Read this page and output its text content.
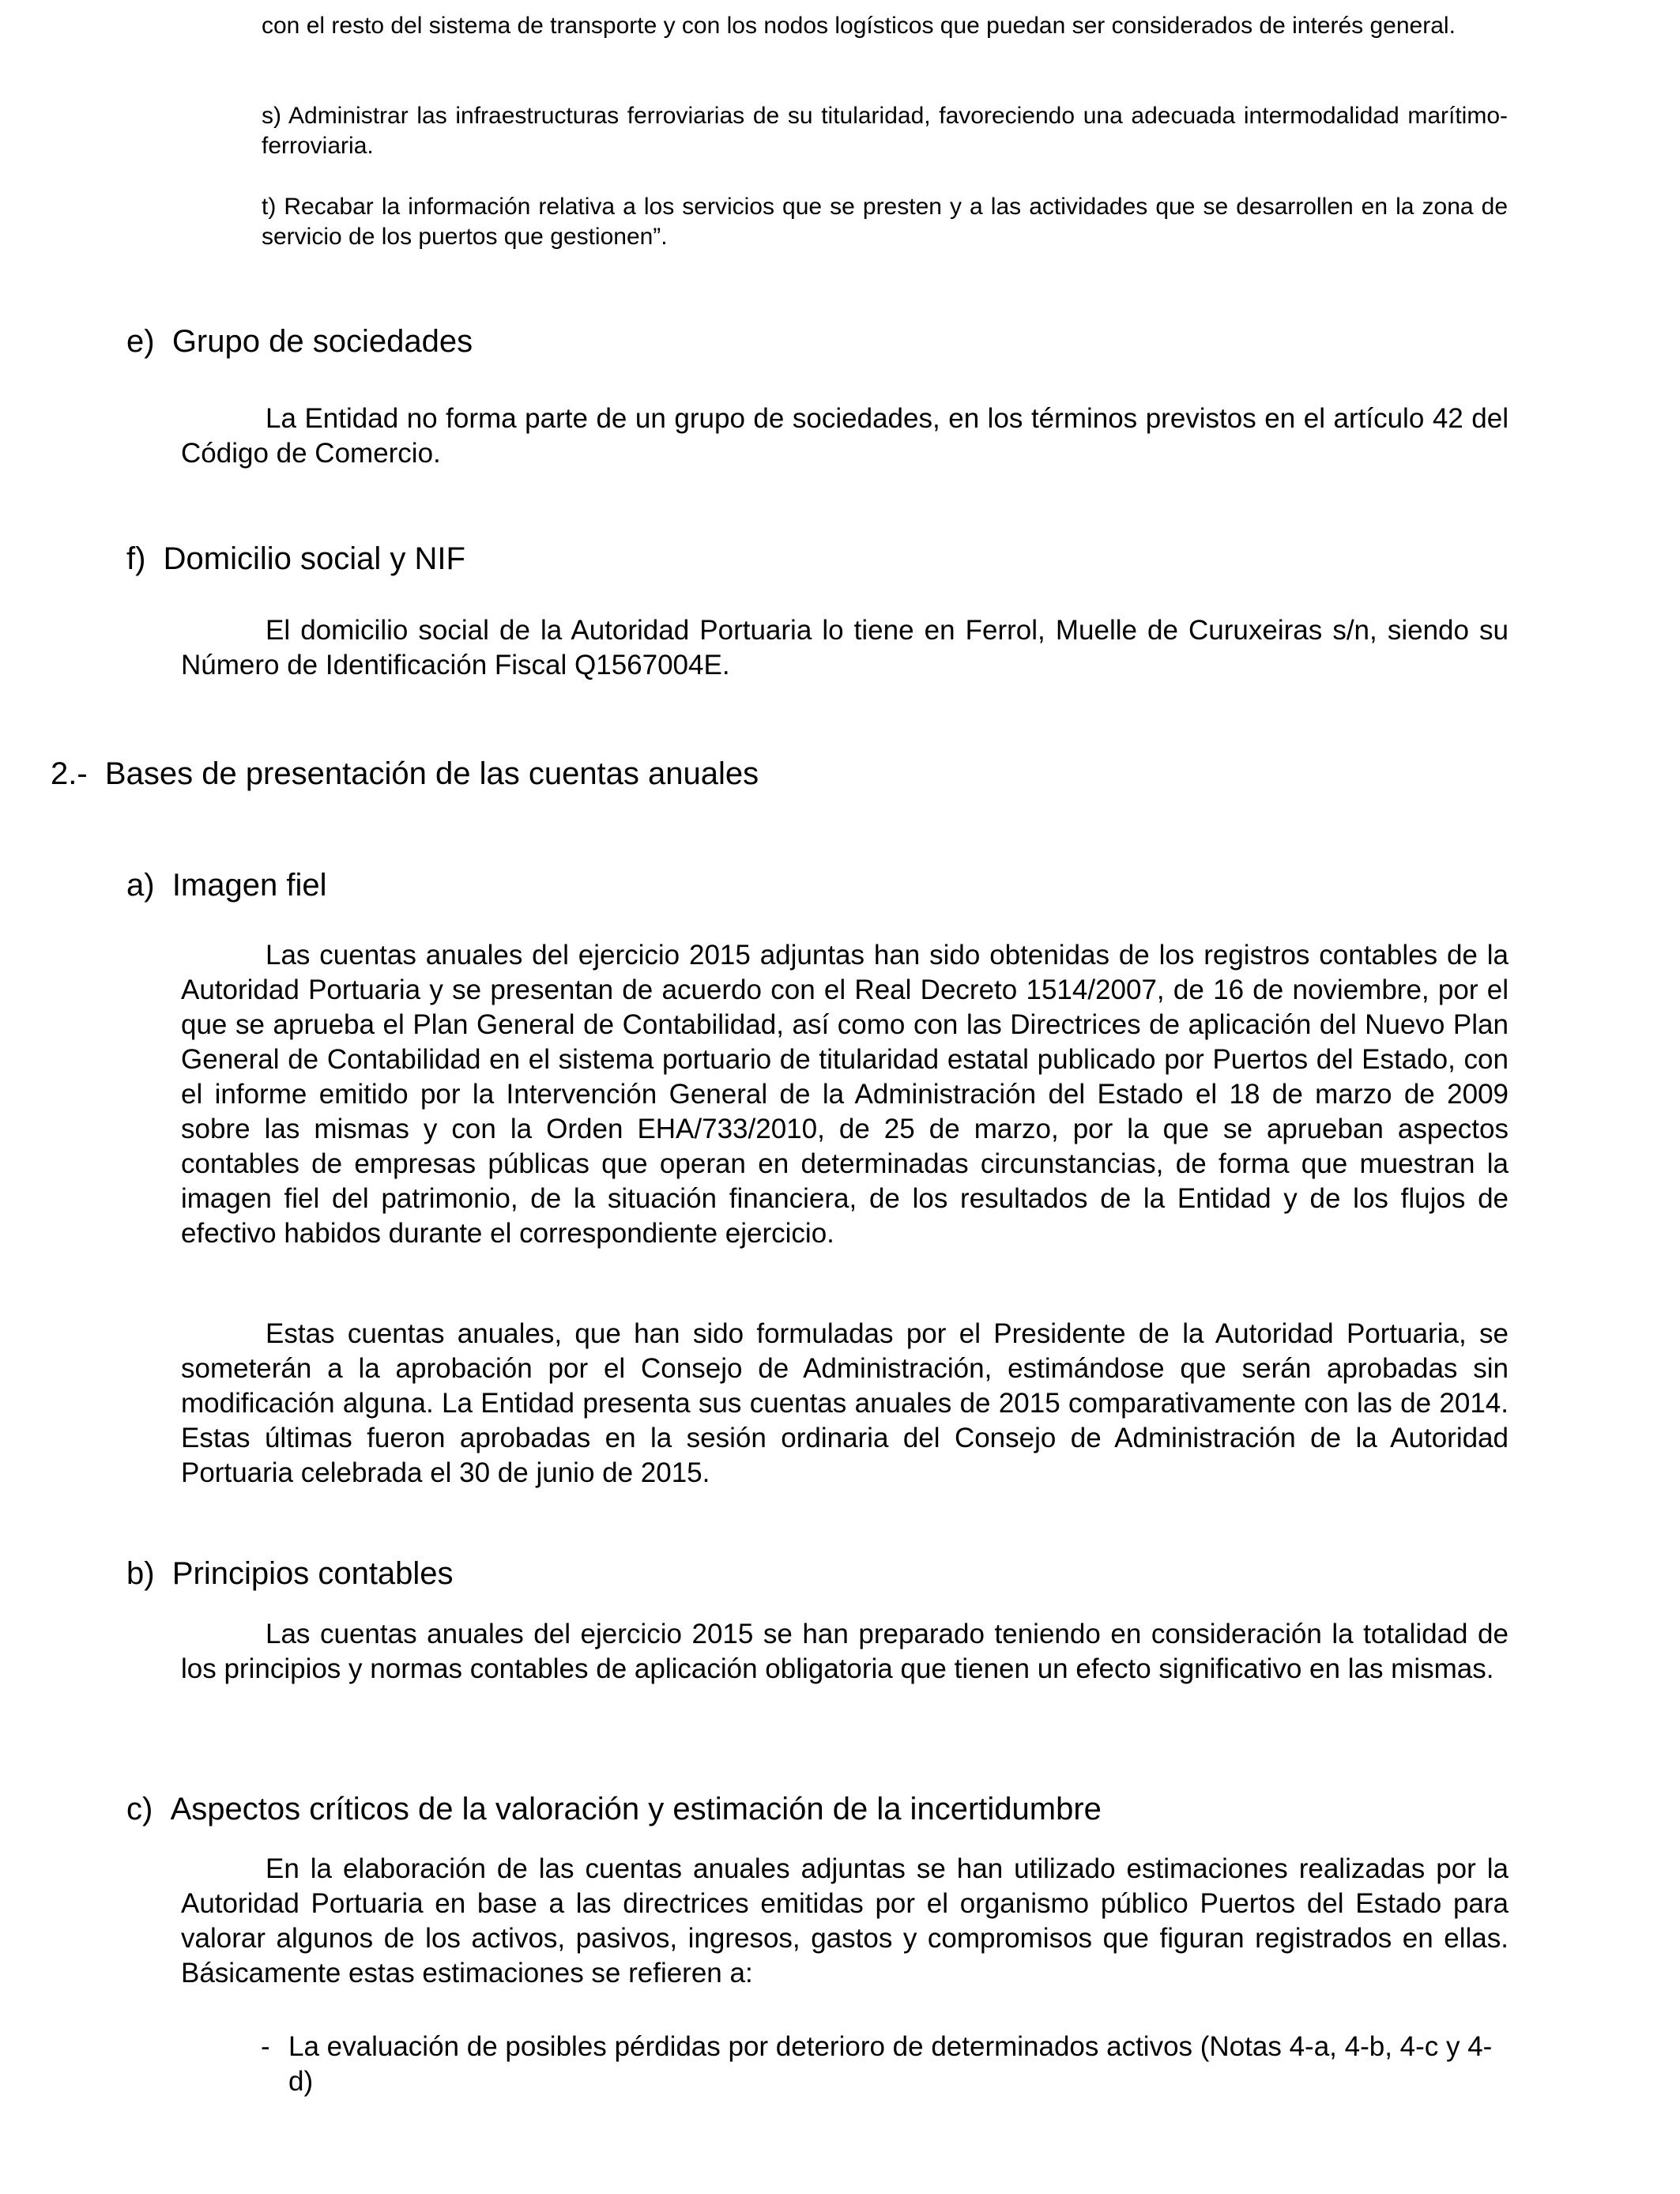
con el resto del sistema de transporte y con los nodos logísticos que puedan ser considerados de interés general.

s) Administrar las infraestructuras ferroviarias de su titularidad, favoreciendo una adecuada intermodalidad marítimo-ferroviaria.

t) Recabar la información relativa a los servicios que se presten y a las actividades que se desarrollen en la zona de servicio de los puertos que gestionen”.

e) Grupo de sociedades

La Entidad no forma parte de un grupo de sociedades, en los términos previstos en el artículo 42 del Código de Comercio.

f) Domicilio social y NIF

El domicilio social de la Autoridad Portuaria lo tiene en Ferrol, Muelle de Curuxeiras s/n, siendo su Número de Identificación Fiscal Q1567004E.

2.- Bases de presentación de las cuentas anuales
a) Imagen fiel

Las cuentas anuales del ejercicio 2015 adjuntas han sido obtenidas de los registros contables de la Autoridad Portuaria y se presentan de acuerdo con el Real Decreto 1514/2007, de 16 de noviembre, por el que se aprueba el Plan General de Contabilidad, así como con las Directrices de aplicación del Nuevo Plan General de Contabilidad en el sistema portuario de titularidad estatal publicado por Puertos del Estado, con el informe emitido por la Intervención General de la Administración del Estado el 18 de marzo de 2009 sobre las mismas y con la Orden EHA/733/2010, de 25 de marzo, por la que se aprueban aspectos contables de empresas públicas que operan en determinadas circunstancias, de forma que muestran la imagen fiel del patrimonio, de la situación financiera, de los resultados de la Entidad y de los flujos de efectivo habidos durante el correspondiente ejercicio.

Estas cuentas anuales, que han sido formuladas por el Presidente de la Autoridad Portuaria, se someterán a la aprobación por el Consejo de Administración, estimándose que serán aprobadas sin modificación alguna. La Entidad presenta sus cuentas anuales de 2015 comparativamente con las de 2014. Estas últimas fueron aprobadas en la sesión ordinaria del Consejo de Administración de la Autoridad Portuaria celebrada el 30 de junio de 2015.

b) Principios contables

Las cuentas anuales del ejercicio 2015 se han preparado teniendo en consideración la totalidad de los principios y normas contables de aplicación obligatoria que tienen un efecto significativo en las mismas.

c) Aspectos críticos de la valoración y estimación de la incertidumbre

En la elaboración de las cuentas anuales adjuntas se han utilizado estimaciones realizadas por la Autoridad Portuaria en base a las directrices emitidas por el organismo público Puertos del Estado para valorar algunos de los activos, pasivos, ingresos, gastos y compromisos que figuran registrados en ellas. Básicamente estas estimaciones se refieren a:

- La evaluación de posibles pérdidas por deterioro de determinados activos (Notas 4-a, 4-b, 4-c y 4-d)
